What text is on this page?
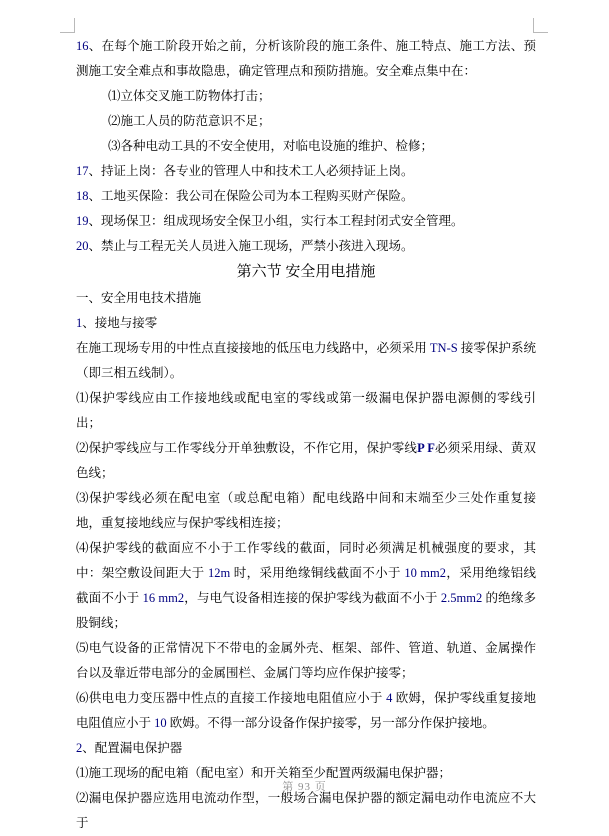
16、在每个施工阶段开始之前，分析该阶段的施工条件、施工特点、施工方法、预测施工安全难点和事故隐患，确定管理点和预防措施。安全难点集中在：

⑴立体交叉施工防物体打击；

⑵施工人员的防范意识不足；

⑶各种电动工具的不安全使用，对临电设施的维护、检修；

17、持证上岗：各专业的管理人中和技术工人必须持证上岗。

18、工地买保险：我公司在保险公司为本工程购买财产保险。

19、现场保卫：组成现场安全保卫小组，实行本工程封闭式安全管理。

20、禁止与工程无关人员进入施工现场，严禁小孩进入现场。

第六节 安全用电措施

一、安全用电技术措施

1、接地与接零

在施工现场专用的中性点直接接地的低压电力线路中，必须采用 TN-S 接零保护系统（即三相五线制）。

⑴保护零线应由工作接地线或配电室的零线或第一级漏电保护器电源侧的零线引出；

⑵保护零线应与工作零线分开单独敷设，不作它用，保护零线P F必须采用绿、黄双色线；

⑶保护零线必须在配电室（或总配电箱）配电线路中间和末端至少三处作重复接地，重复接地线应与保护零线相连接；

⑷保护零线的截面应不小于工作零线的截面，同时必须满足机械强度的要求，其中：架空敷设间距大于 12m 时，采用绝缘铜线截面不小于 10 mm2，采用绝缘铝线截面不小于 16 mm2，与电气设备相连接的保护零线为截面不小于 2.5mm2 的绝缘多股铜线；

⑸电气设备的正常情况下不带电的金属外壳、框架、部件、管道、轨道、金属操作台以及靠近带电部分的金属围栏、金属门等均应作保护接零；

⑹供电电力变压器中性点的直接工作接地电阻值应小于 4 欧姆，保护零线重复接地电阻值应小于 10 欧姆。不得一部分设备作保护接零，另一部分作保护接地。

2、配置漏电保护器

⑴施工现场的配电箱（配电室）和开关箱至少配置两级漏电保护器；

⑵漏电保护器应选用电流动作型，一般场合漏电保护器的额定漏电动作电流应不大于

第 93 页
